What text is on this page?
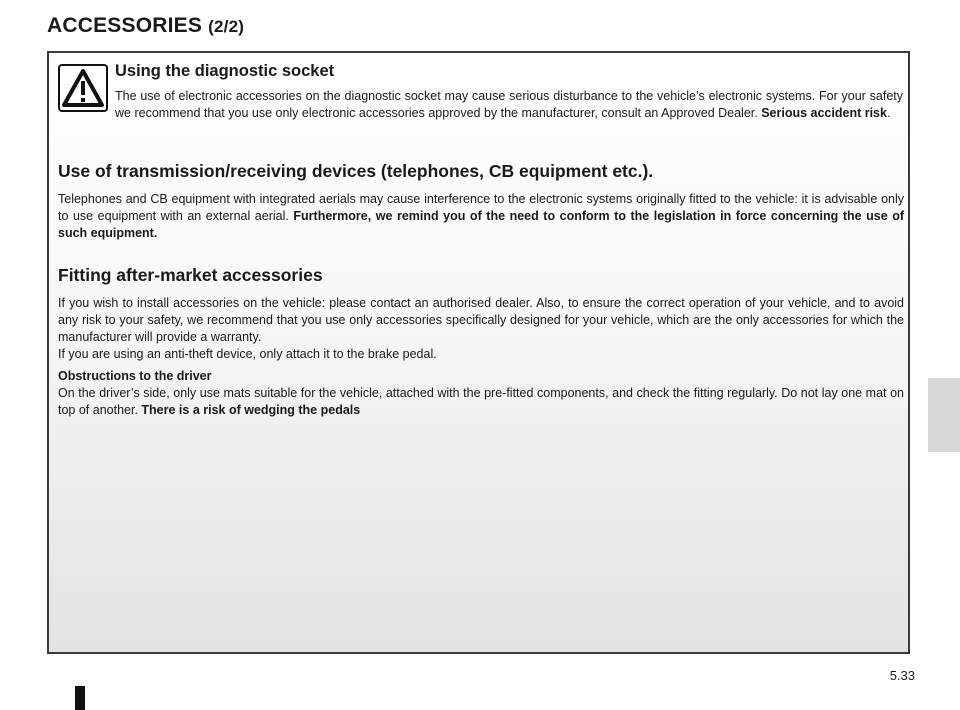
ACCESSORIES (2/2)

Using the diagnostic socket

The use of electronic accessories on the diagnostic socket may cause serious disturbance to the vehicle’s electronic systems. For your safety we recommend that you use only electronic accessories approved by the manufacturer, consult an Approved Dealer. Serious accident risk.

Use of transmission/receiving devices (telephones, CB equipment etc.).

Telephones and CB equipment with integrated aerials may cause interference to the electronic systems originally fitted to the vehicle: it is advisable only to use equipment with an external aerial. Furthermore, we remind you of the need to conform to the legislation in force concerning the use of such equipment.

Fitting after-market accessories

If you wish to install accessories on the vehicle: please contact an authorised dealer. Also, to ensure the correct operation of your vehicle, and to avoid any risk to your safety, we recommend that you use only accessories specifically designed for your vehicle, which are the only accessories for which the manufacturer will provide a warranty.

If you are using an anti-theft device, only attach it to the brake pedal.

Obstructions to the driver

On the driver’s side, only use mats suitable for the vehicle, attached with the pre-fitted components, and check the fitting regularly. Do not lay one mat on top of another. There is a risk of wedging the pedals

5.33
